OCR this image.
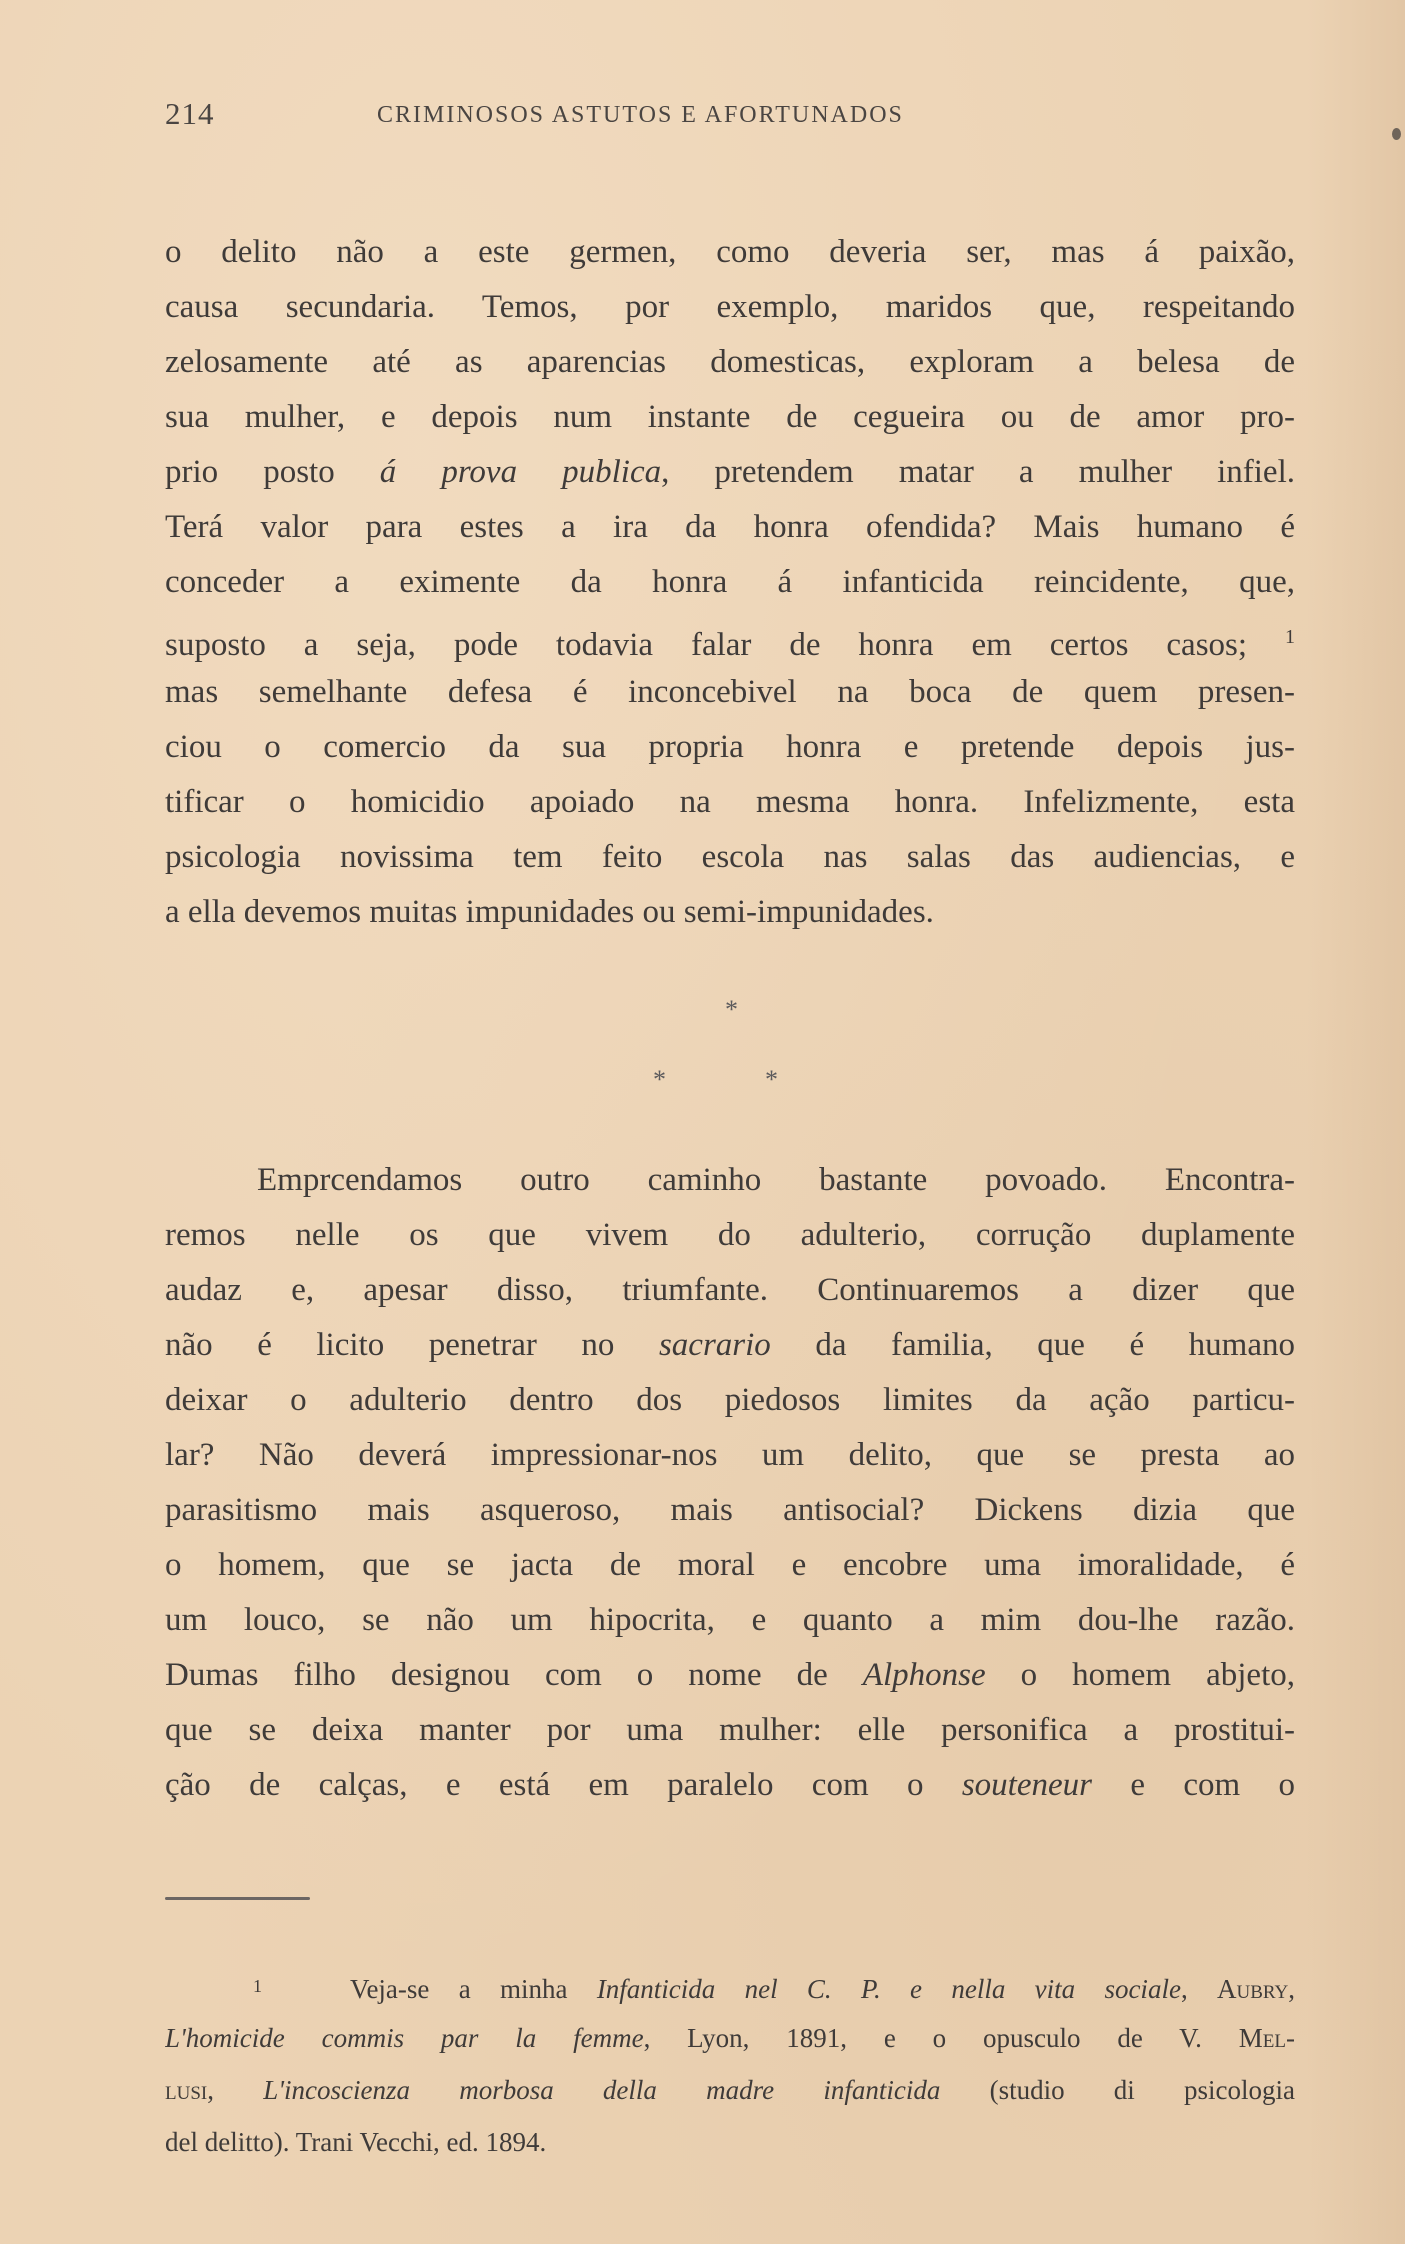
214	CRIMINOSOS ASTUTOS E AFORTUNADOS
o delito não a este germen, como deveria ser, mas á paixão,
causa secundaria. Temos, por exemplo, maridos que, respeitando
zelosamente até as aparencias domesticas, exploram a belesa de
sua mulher, e depois num instante de cegueira ou de amor pro-
prio posto á prova publica, pretendem matar a mulher infiel.
Terá valor para estes a ira da honra ofendida? Mais humano é
conceder a eximente da honra á infanticida reincidente, que,
suposto a seja, pode todavia falar de honra em certos casos; $^1$
mas semelhante defesa é inconcebivel na boca de quem presen-
ciou o comercio da sua propria honra e pretende depois jus-
tificar o homicidio apoiado na mesma honra. Infelizmente, esta
psicologia novissima tem feito escola nas salas das audiencias, e
a ella devemos muitas impunidades ou semi-impunidades.
*
*	*
Emprcendamos outro caminho bastante povoado. Encontra-
remos nelle os que vivem do adulterio, corrução duplamente
audaz e, apesar disso, triumfante. Continuaremos a dizer que
não é licito penetrar no sacrario da familia, que é humano
deixar o adulterio dentro dos piedosos limites da ação particu-
lar? Não deverá impressionar-nos um delito, que se presta ao
parasitismo mais asqueroso, mais antisocial? Dickens dizia que
o homem, que se jacta de moral e encobre uma imoralidade, é
um louco, se não um hipocrita, e quanto a mim dou-lhe razão.
Dumas filho designou com o nome de Alphonse o homem abjeto,
que se deixa manter por uma mulher: elle personifica a prostitui-
ção de calças, e está em paralelo com o souteneur e com o
$^1$	Veja-se a minha Infanticida nel C. P. e nella vita sociale, Aubry,
L'homicide commis par la femme, Lyon, 1891, e o opusculo de V. Mel-
lusi, L'incoscienza morbosa della madre infanticida (studio di psicologia
del delitto). Trani Vecchi, ed. 1894.
